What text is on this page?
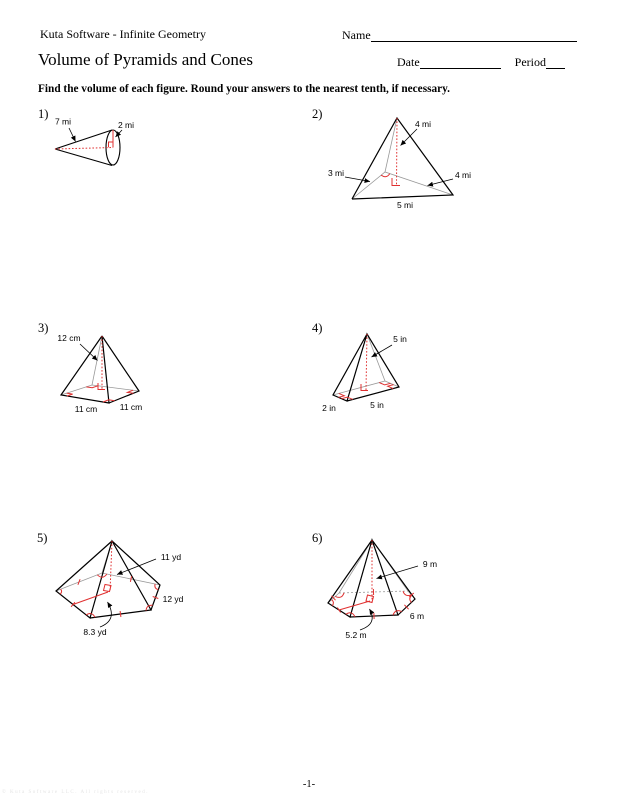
Kuta Software - Infinite Geometry	Name
Volume of Pyramids and Cones	Date	Period
Find the volume of each figure. Round your answers to the nearest tenth, if necessary.
1)	2)
3)	4)
5)	6)
7 mi	2 mi	4 mi
3 mi	4 mi
5 mi
12 cm
11 cm	11 cm
5 in
2 in	5 in
11 yd
12 yd
8.3 yd
9 m
6 m
5.2 m
© Kuta Software LLC. All rights reserved.
-1-
